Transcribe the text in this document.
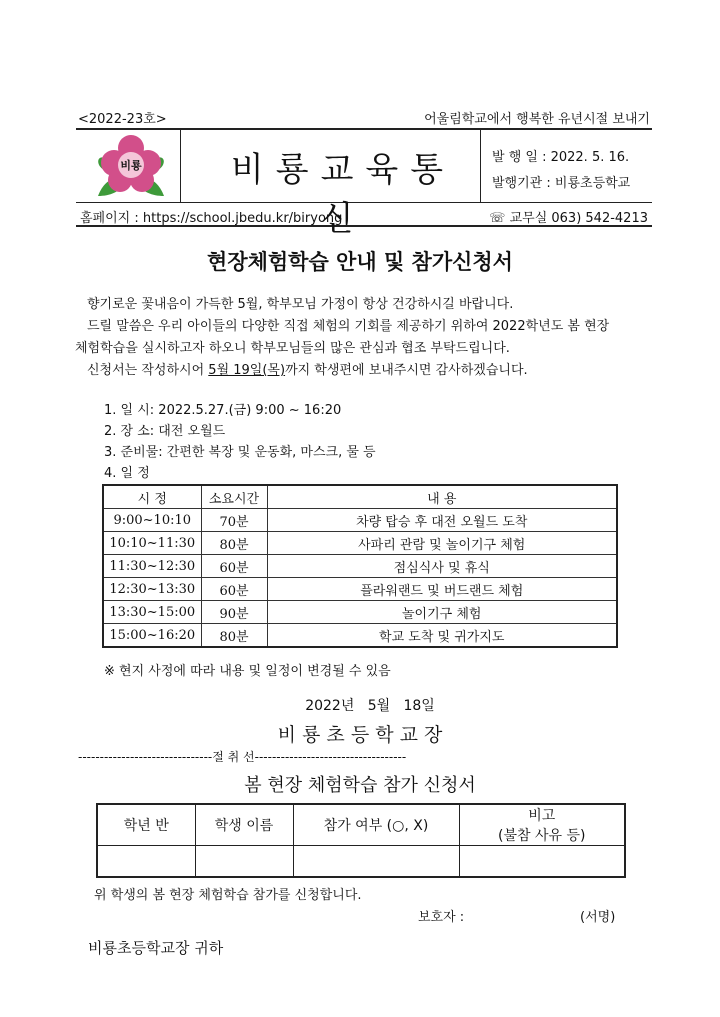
<2022-23호>	어울림학교에서 행복한 유년시절 보내기
비룡	비룡교육통신
발 행 일 : 2022. 5. 16.
발행기관 : 비룡초등학교
홈페이지 : https://school.jbedu.kr/biryong	☏ 교무실 063) 542-4213
현장체험학습 안내 및 참가신청서
향기로운 꽃내음이 가득한 5월, 학부모님 가정이 항상 건강하시길 바랍니다.
드릴 말씀은 우리 아이들의 다양한 직접 체험의 기회를 제공하기 위하여 2022학년도 봄 현장
체험학습을 실시하고자 하오니 학부모님들의 많은 관심과 협조 부탁드립니다.
신청서는 작성하시어 5월 19일(목)까지 학생편에 보내주시면 감사하겠습니다.
1. 일 시: 2022.5.27.(금) 9:00 ~ 16:20
2. 장 소: 대전 오월드
3. 준비물: 간편한 복장 및 운동화, 마스크, 물 등
4. 일 정
시 정	소요시간	내 용
9:00~10:10	70분	차량 탑승 후 대전 오월드 도착
10:10~11:30	80분	사파리 관람 및 놀이기구 체험
11:30~12:30	60분	점심식사 및 휴식
12:30~13:30	60분	플라워랜드 및 버드랜드 체험
13:30~15:00	90분	놀이기구 체험
15:00~16:20	80분	학교 도착 및 귀가지도
※ 현지 사정에 따라 내용 및 일정이 변경될 수 있음
2022년   5월   18일
비 룡 초 등 학 교 장
-------------------------------절 취 선-----------------------------------
봄 현장 체험학습 참가 신청서
학년 반	학생 이름	참가 여부 (○, X)	비고
(불참 사유 등)

위 학생의 봄 현장 체험학습 참가를 신청합니다.
보호자 :	(서명)
비룡초등학교장 귀하
